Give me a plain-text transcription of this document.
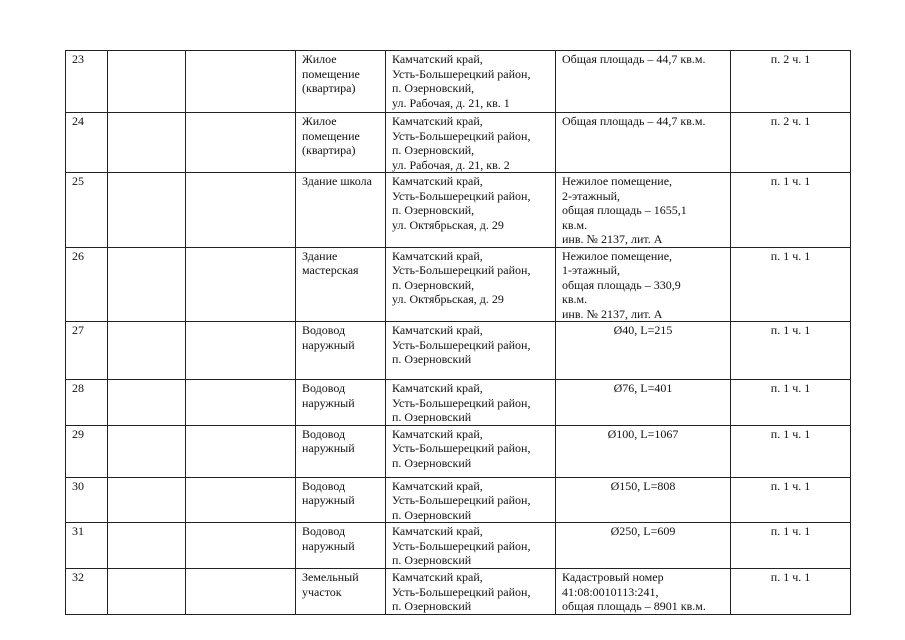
23			Жилое
помещение
(квартира)	Камчатский край,
Усть-Большерецкий район,
п. Озерновский,
ул. Рабочая, д. 21, кв. 1	Общая площадь – 44,7 кв.м.	п. 2 ч. 1
24			Жилое
помещение
(квартира)	Камчатский край,
Усть-Большерецкий район,
п. Озерновский,
ул. Рабочая, д. 21, кв. 2	Общая площадь – 44,7 кв.м.	п. 2 ч. 1
25			Здание школа	Камчатский край,
Усть-Большерецкий район,
п. Озерновский,
ул. Октябрьская, д. 29	Нежилое помещение,
2-этажный,
общая площадь – 1655,1
кв.м.
инв. № 2137, лит. А	п. 1 ч. 1
26			Здание
мастерская	Камчатский край,
Усть-Большерецкий район,
п. Озерновский,
ул. Октябрьская, д. 29	Нежилое помещение,
1-этажный,
общая площадь – 330,9
кв.м.
инв. № 2137, лит. А	п. 1 ч. 1
27			Водовод
наружный	Камчатский край,
Усть-Большерецкий район,
п. Озерновский	Ø40, L=215	п. 1 ч. 1
28			Водовод
наружный	Камчатский край,
Усть-Большерецкий район,
п. Озерновский	Ø76, L=401	п. 1 ч. 1
29			Водовод
наружный	Камчатский край,
Усть-Большерецкий район,
п. Озерновский	Ø100, L=1067	п. 1 ч. 1
30			Водовод
наружный	Камчатский край,
Усть-Большерецкий район,
п. Озерновский	Ø150, L=808	п. 1 ч. 1
31			Водовод
наружный	Камчатский край,
Усть-Большерецкий район,
п. Озерновский	Ø250, L=609	п. 1 ч. 1
32			Земельный
участок	Камчатский край,
Усть-Большерецкий район,
п. Озерновский	Кадастровый номер
41:08:0010113:241,
общая площадь – 8901 кв.м.	п. 1 ч. 1
